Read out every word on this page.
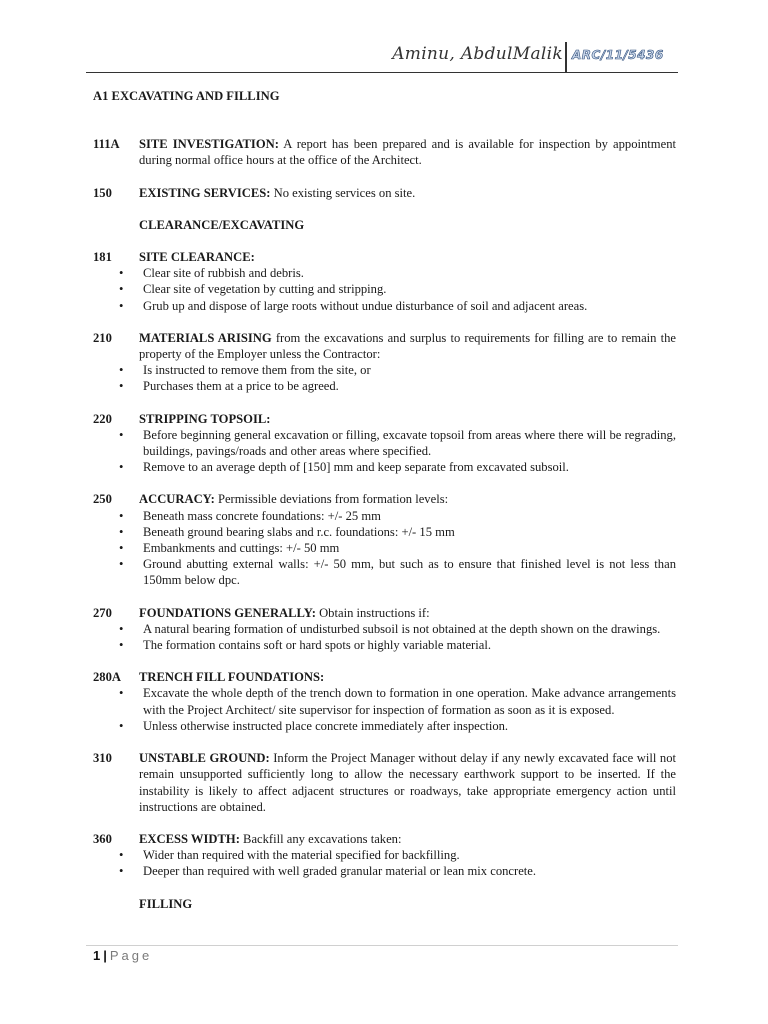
Aminu, AbdulMalik ARC/11/5436
A1 EXCAVATING AND FILLING
111A SITE INVESTIGATION: A report has been prepared and is available for inspection by appointment during normal office hours at the office of the Architect.
150 EXISTING SERVICES: No existing services on site.
CLEARANCE/EXCAVATING
181 SITE CLEARANCE:
• Clear site of rubbish and debris.
• Clear site of vegetation by cutting and stripping.
• Grub up and dispose of large roots without undue disturbance of soil and adjacent areas.
210 MATERIALS ARISING from the excavations and surplus to requirements for filling are to remain the property of the Employer unless the Contractor:
• Is instructed to remove them from the site, or
• Purchases them at a price to be agreed.
220 STRIPPING TOPSOIL:
• Before beginning general excavation or filling, excavate topsoil from areas where there will be regrading, buildings, pavings/roads and other areas where specified.
• Remove to an average depth of [150] mm and keep separate from excavated subsoil.
250 ACCURACY: Permissible deviations from formation levels:
• Beneath mass concrete foundations: +/- 25 mm
• Beneath ground bearing slabs and r.c. foundations: +/- 15 mm
• Embankments and cuttings: +/- 50 mm
• Ground abutting external walls: +/- 50 mm, but such as to ensure that finished level is not less than 150mm below dpc.
270 FOUNDATIONS GENERALLY: Obtain instructions if:
• A natural bearing formation of undisturbed subsoil is not obtained at the depth shown on the drawings.
• The formation contains soft or hard spots or highly variable material.
280A TRENCH FILL FOUNDATIONS:
• Excavate the whole depth of the trench down to formation in one operation. Make advance arrangements with the Project Architect/ site supervisor for inspection of formation as soon as it is exposed.
• Unless otherwise instructed place concrete immediately after inspection.
310 UNSTABLE GROUND: Inform the Project Manager without delay if any newly excavated face will not remain unsupported sufficiently long to allow the necessary earthwork support to be inserted. If the instability is likely to affect adjacent structures or roadways, take appropriate emergency action until instructions are obtained.
360 EXCESS WIDTH: Backfill any excavations taken:
• Wider than required with the material specified for backfilling.
• Deeper than required with well graded granular material or lean mix concrete.
FILLING
1 | Page
